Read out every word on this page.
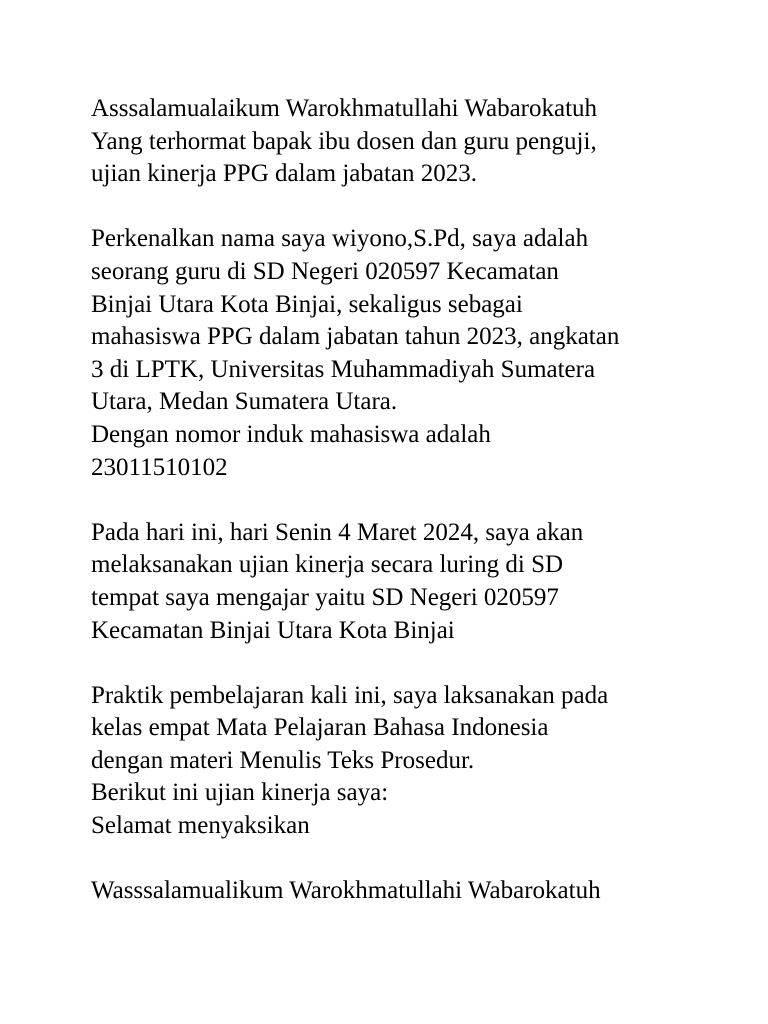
Asssalamualaikum Warokhmatullahi Wabarokatuh
Yang terhormat bapak ibu dosen dan guru penguji,
ujian kinerja PPG dalam jabatan 2023.

Perkenalkan nama saya wiyono,S.Pd, saya adalah
seorang guru di SD Negeri 020597 Kecamatan
Binjai Utara Kota Binjai, sekaligus sebagai
mahasiswa PPG dalam jabatan tahun 2023, angkatan
3 di LPTK, Universitas Muhammadiyah Sumatera
Utara, Medan Sumatera Utara.
Dengan nomor induk mahasiswa adalah
23011510102

Pada hari ini, hari Senin 4 Maret 2024, saya akan
melaksanakan ujian kinerja secara luring di SD
tempat saya mengajar yaitu SD Negeri 020597
Kecamatan Binjai Utara Kota Binjai

Praktik pembelajaran kali ini, saya laksanakan pada
kelas empat Mata Pelajaran Bahasa Indonesia
dengan materi Menulis Teks Prosedur.
Berikut ini ujian kinerja saya:
Selamat menyaksikan

Wasssalamualikum Warokhmatullahi Wabarokatuh
